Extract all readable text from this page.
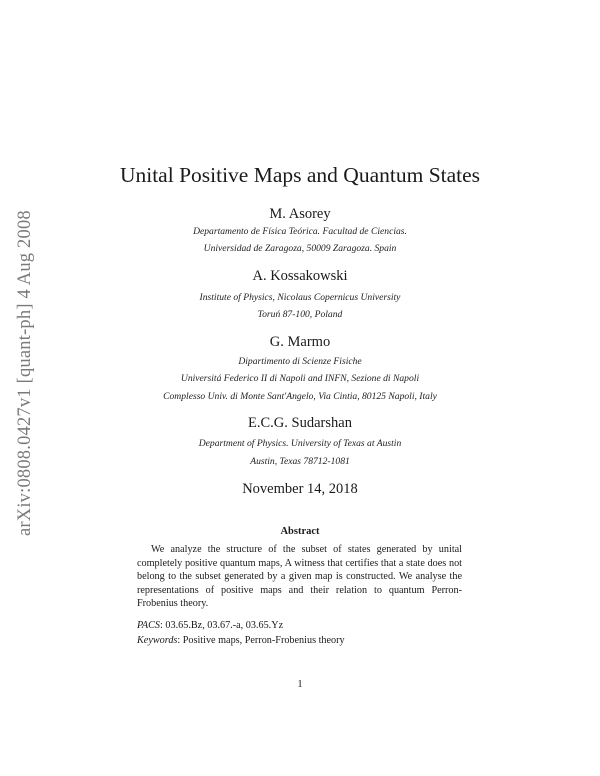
arXiv:0808.0427v1 [quant-ph] 4 Aug 2008
Unital Positive Maps and Quantum States
M. Asorey
Departamento de Física Teórica. Facultad de Ciencias.
Universidad de Zaragoza, 50009 Zaragoza. Spain
A. Kossakowski
Institute of Physics, Nicolaus Copernicus University
Toruń 87-100, Poland
G. Marmo
Dipartimento di Scienze Fisiche
Universitá Federico II di Napoli and INFN, Sezione di Napoli
Complesso Univ. di Monte Sant'Angelo, Via Cintia, 80125 Napoli, Italy
E.C.G. Sudarshan
Department of Physics. University of Texas at Austin
Austin, Texas 78712-1081
November 14, 2018
Abstract
We analyze the structure of the subset of states generated by unital completely positive quantum maps, A witness that certifies that a state does not belong to the subset generated by a given map is constructed. We analyse the representations of positive maps and their relation to quantum Perron-Frobenius theory.
PACS: 03.65.Bz, 03.67.-a, 03.65.Yz
Keywords: Positive maps, Perron-Frobenius theory
1
